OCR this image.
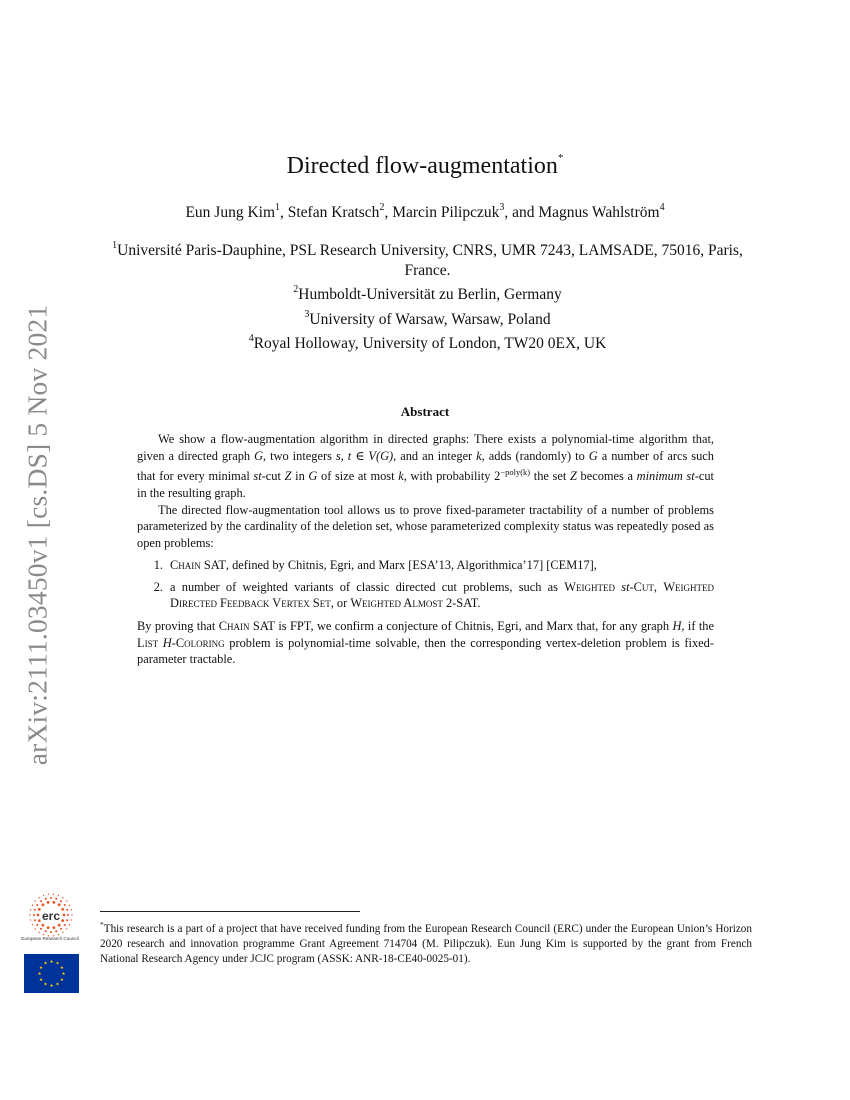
arXiv:2111.03450v1 [cs.DS] 5 Nov 2021
Directed flow-augmentation*
Eun Jung Kim$^1$, Stefan Kratsch$^2$, Marcin Pilipczuk$^3$, and Magnus Wahlström$^4$
$^1$Université Paris-Dauphine, PSL Research University, CNRS, UMR 7243, LAMSADE, 75016, Paris, France.
$^2$Humboldt-Universität zu Berlin, Germany
$^3$University of Warsaw, Warsaw, Poland
$^4$Royal Holloway, University of London, TW20 0EX, UK
Abstract

We show a flow-augmentation algorithm in directed graphs: There exists a polynomial-time algorithm that, given a directed graph G, two integers s, t ∈ V(G), and an integer k, adds (randomly) to G a number of arcs such that for every minimal st-cut Z in G of size at most k, with probability $2^{-poly(k)}$ the set Z becomes a minimum st-cut in the resulting graph.

The directed flow-augmentation tool allows us to prove fixed-parameter tractability of a number of problems parameterized by the cardinality of the deletion set, whose parameterized complexity status was repeatedly posed as open problems:

1. Chain SAT, defined by Chitnis, Egri, and Marx [ESA’13, Algorithmica’17] [CEM17],
2. a number of weighted variants of classic directed cut problems, such as Weighted st-Cut, Weighted Directed Feedback Vertex Set, or Weighted Almost 2-SAT.

By proving that Chain SAT is FPT, we confirm a conjecture of Chitnis, Egri, and Marx that, for any graph H, if the List H-Coloring problem is polynomial-time solvable, then the corresponding vertex-deletion problem is fixed-parameter tractable.

erc
European Research Council
★ ★
★
★
★
★
★
★
★
★
★
★
*This research is a part of a project that have received funding from the European Research Council (ERC) under the European Union’s Horizon 2020 research and innovation programme Grant Agreement 714704 (M. Pilipczuk). Eun Jung Kim is supported by the grant from French National Research Agency under JCJC program (ASSK: ANR-18-CE40-0025-01).
